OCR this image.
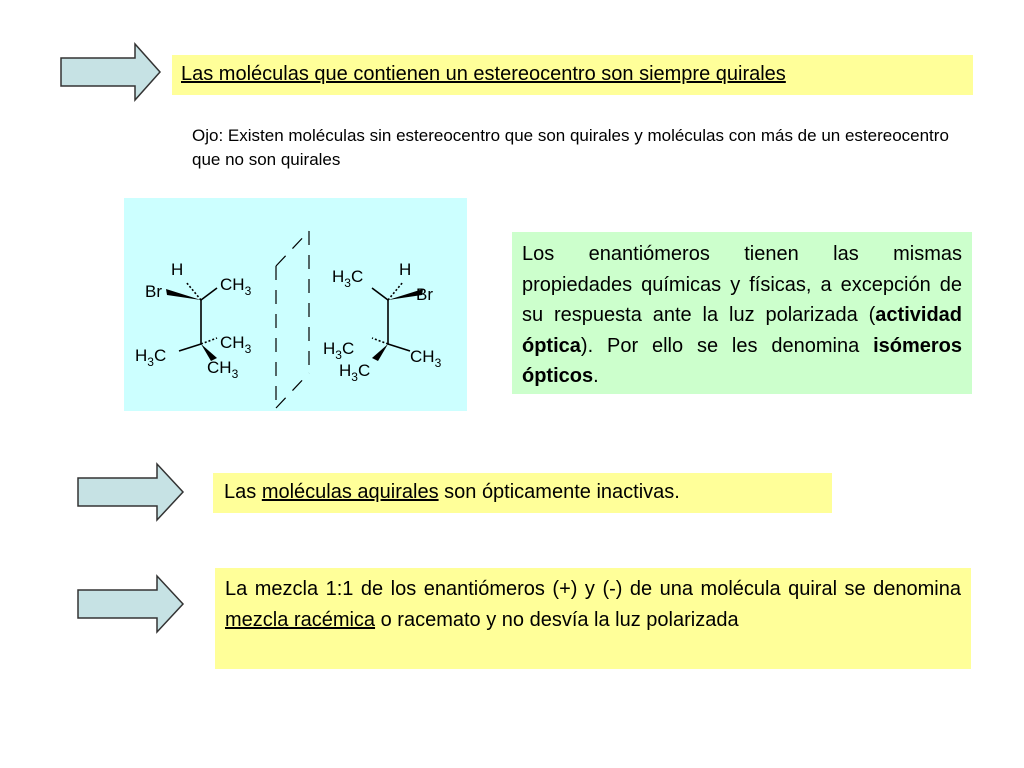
Las moléculas que contienen un estereocentro son siempre quirales
Ojo: Existen moléculas sin estereocentro que son quirales y moléculas con más de un estereocentro que no son quirales
H
Br	$CH_3$
$H_3C$
$CH_3$
$CH_3$
H
Br
$H_3C$
$H_3C$	$CH_3$
$H_3C$
Los enantiómeros tienen las mismas propiedades químicas y físicas, a excepción de su respuesta ante la luz polarizada (actividad óptica). Por ello se les denomina isómeros ópticos.
Las moléculas aquirales son ópticamente inactivas.
La mezcla 1:1 de los enantiómeros (+) y (-) de una molécula quiral se denomina mezcla racémica o racemato y no desvía la luz polarizada
